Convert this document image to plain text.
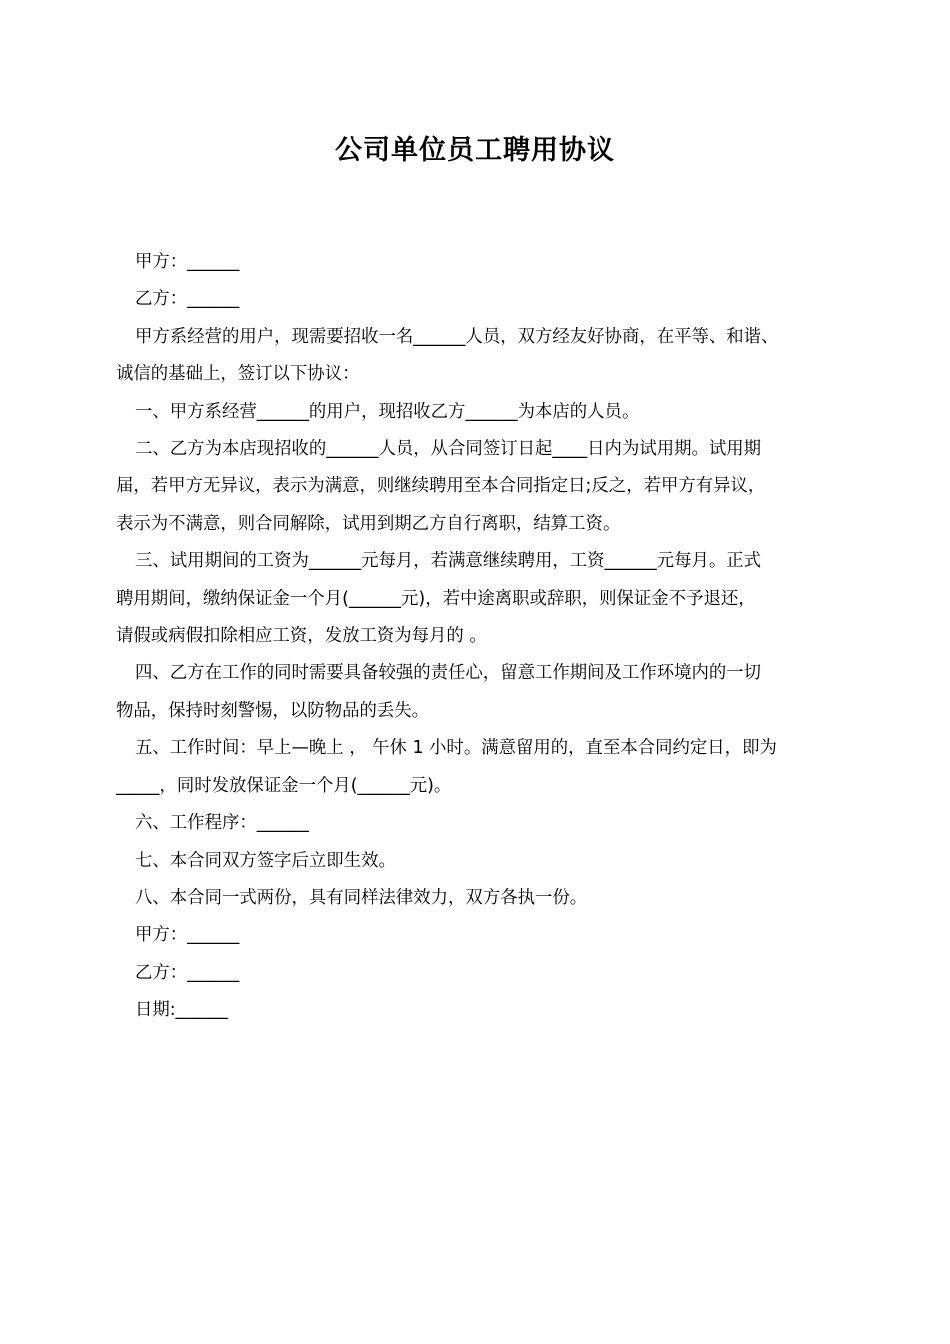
公司单位员工聘用协议
甲方：______
乙方：______
甲方系经营的用户，现需要招收一名______人员，双方经友好协商，在平等、和谐、
诚信的基础上，签订以下协议：
一、甲方系经营______的用户，现招收乙方______为本店的人员。
二、乙方为本店现招收的______人员，从合同签订日起____日内为试用期。试用期
届，若甲方无异议，表示为满意，则继续聘用至本合同指定日;反之，若甲方有异议，
表示为不满意，则合同解除，试用到期乙方自行离职，结算工资。
三、试用期间的工资为______元每月，若满意继续聘用，工资______元每月。正式
聘用期间，缴纳保证金一个月(______元)，若中途离职或辞职，则保证金不予退还，
请假或病假扣除相应工资，发放工资为每月的 。
四、乙方在工作的同时需要具备较强的责任心，留意工作期间及工作环境内的一切
物品，保持时刻警惕，以防物品的丢失。
五、工作时间：早上—晚上 ， 午休 1 小时。满意留用的，直至本合同约定日，即为
_____，同时发放保证金一个月(______元)。
六、工作程序：______
七、本合同双方签字后立即生效。
八、本合同一式两份，具有同样法律效力，双方各执一份。
甲方：______
乙方：______
日期:______
